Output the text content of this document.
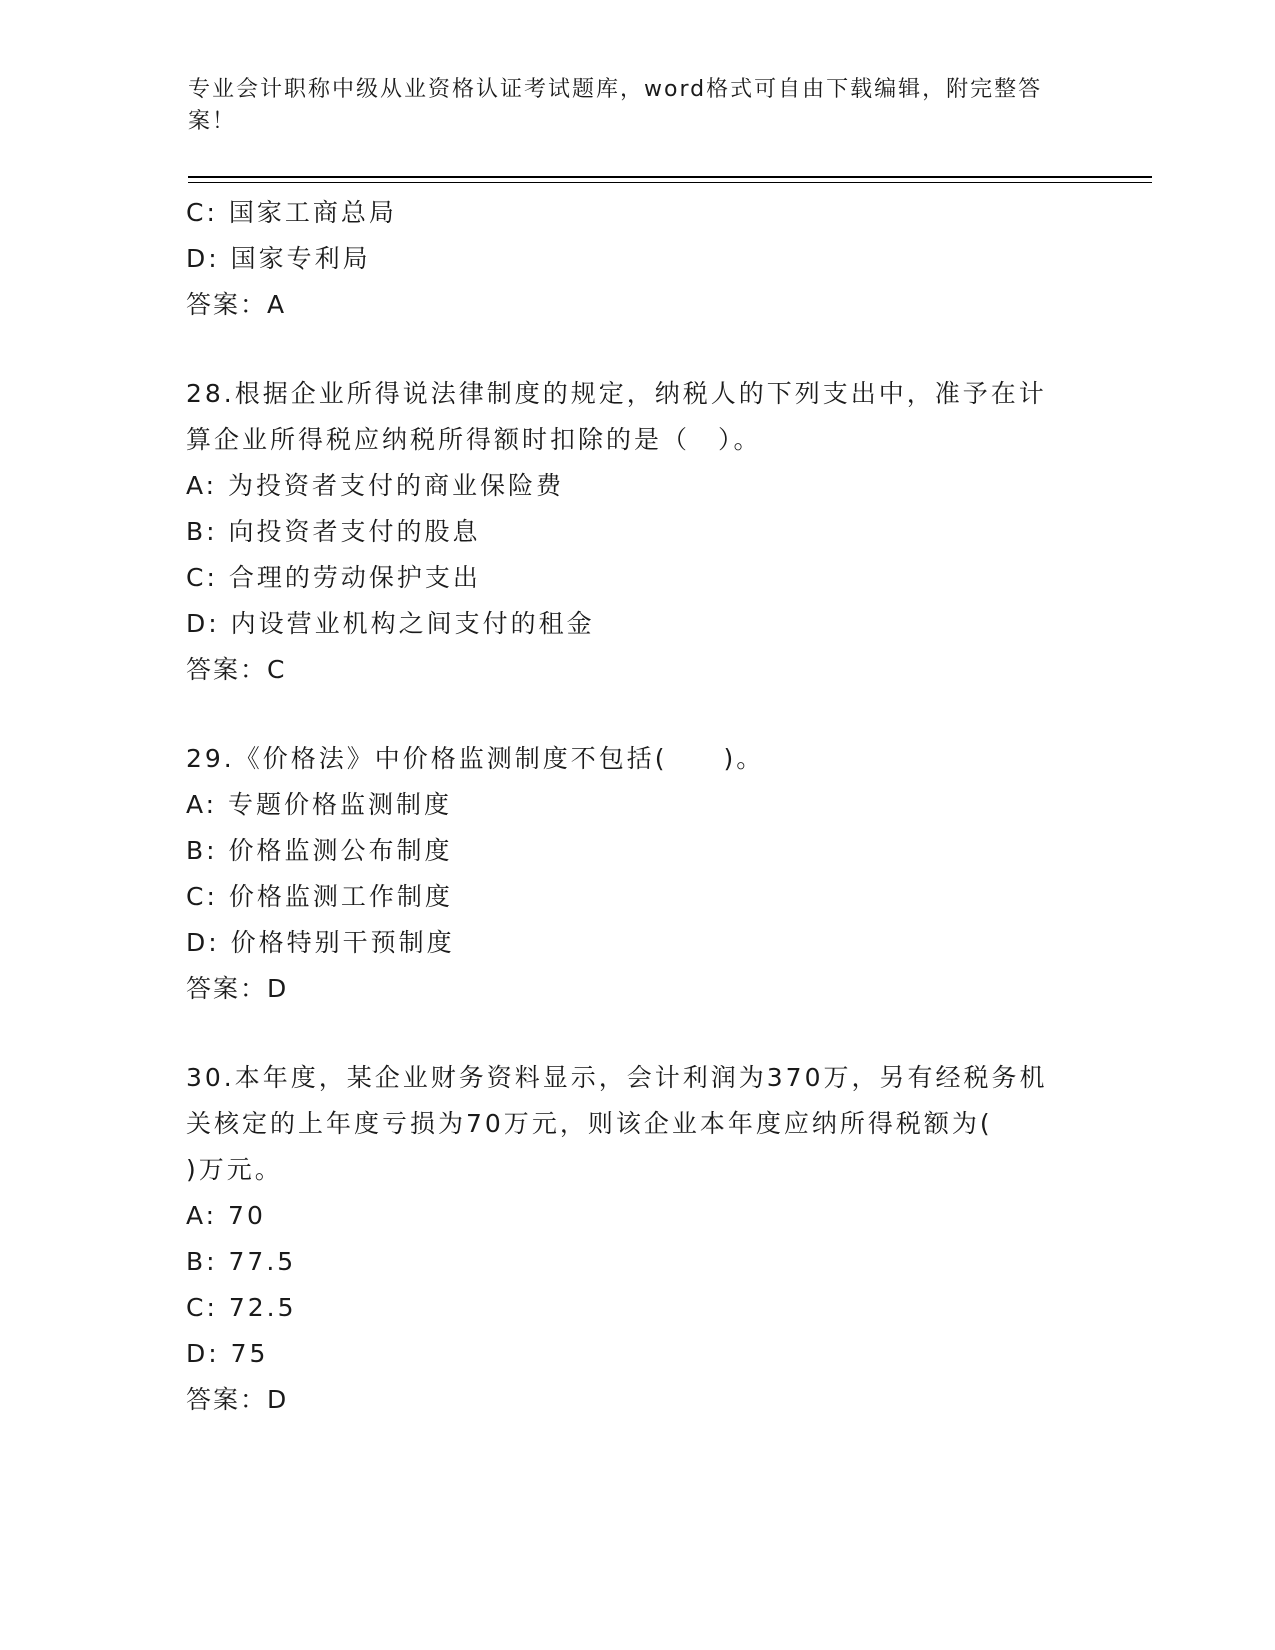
专业会计职称中级从业资格认证考试题库，word格式可自由下载编辑，附完整答
案！
C: 国家工商总局
D: 国家专利局
答案：A
28.根据企业所得说法律制度的规定，纳税人的下列支出中，准予在计
算企业所得税应纳税所得额时扣除的是（　）。
A: 为投资者支付的商业保险费
B: 向投资者支付的股息
C: 合理的劳动保护支出
D: 内设营业机构之间支付的租金
答案：C
29.《价格法》中价格监测制度不包括(　　)。
A: 专题价格监测制度
B: 价格监测公布制度
C: 价格监测工作制度
D: 价格特别干预制度
答案：D
30.本年度，某企业财务资料显示，会计利润为370万，另有经税务机
关核定的上年度亏损为70万元，则该企业本年度应纳所得税额为(
)万元。
A: 70
B: 77.5
C: 72.5
D: 75
答案：D
